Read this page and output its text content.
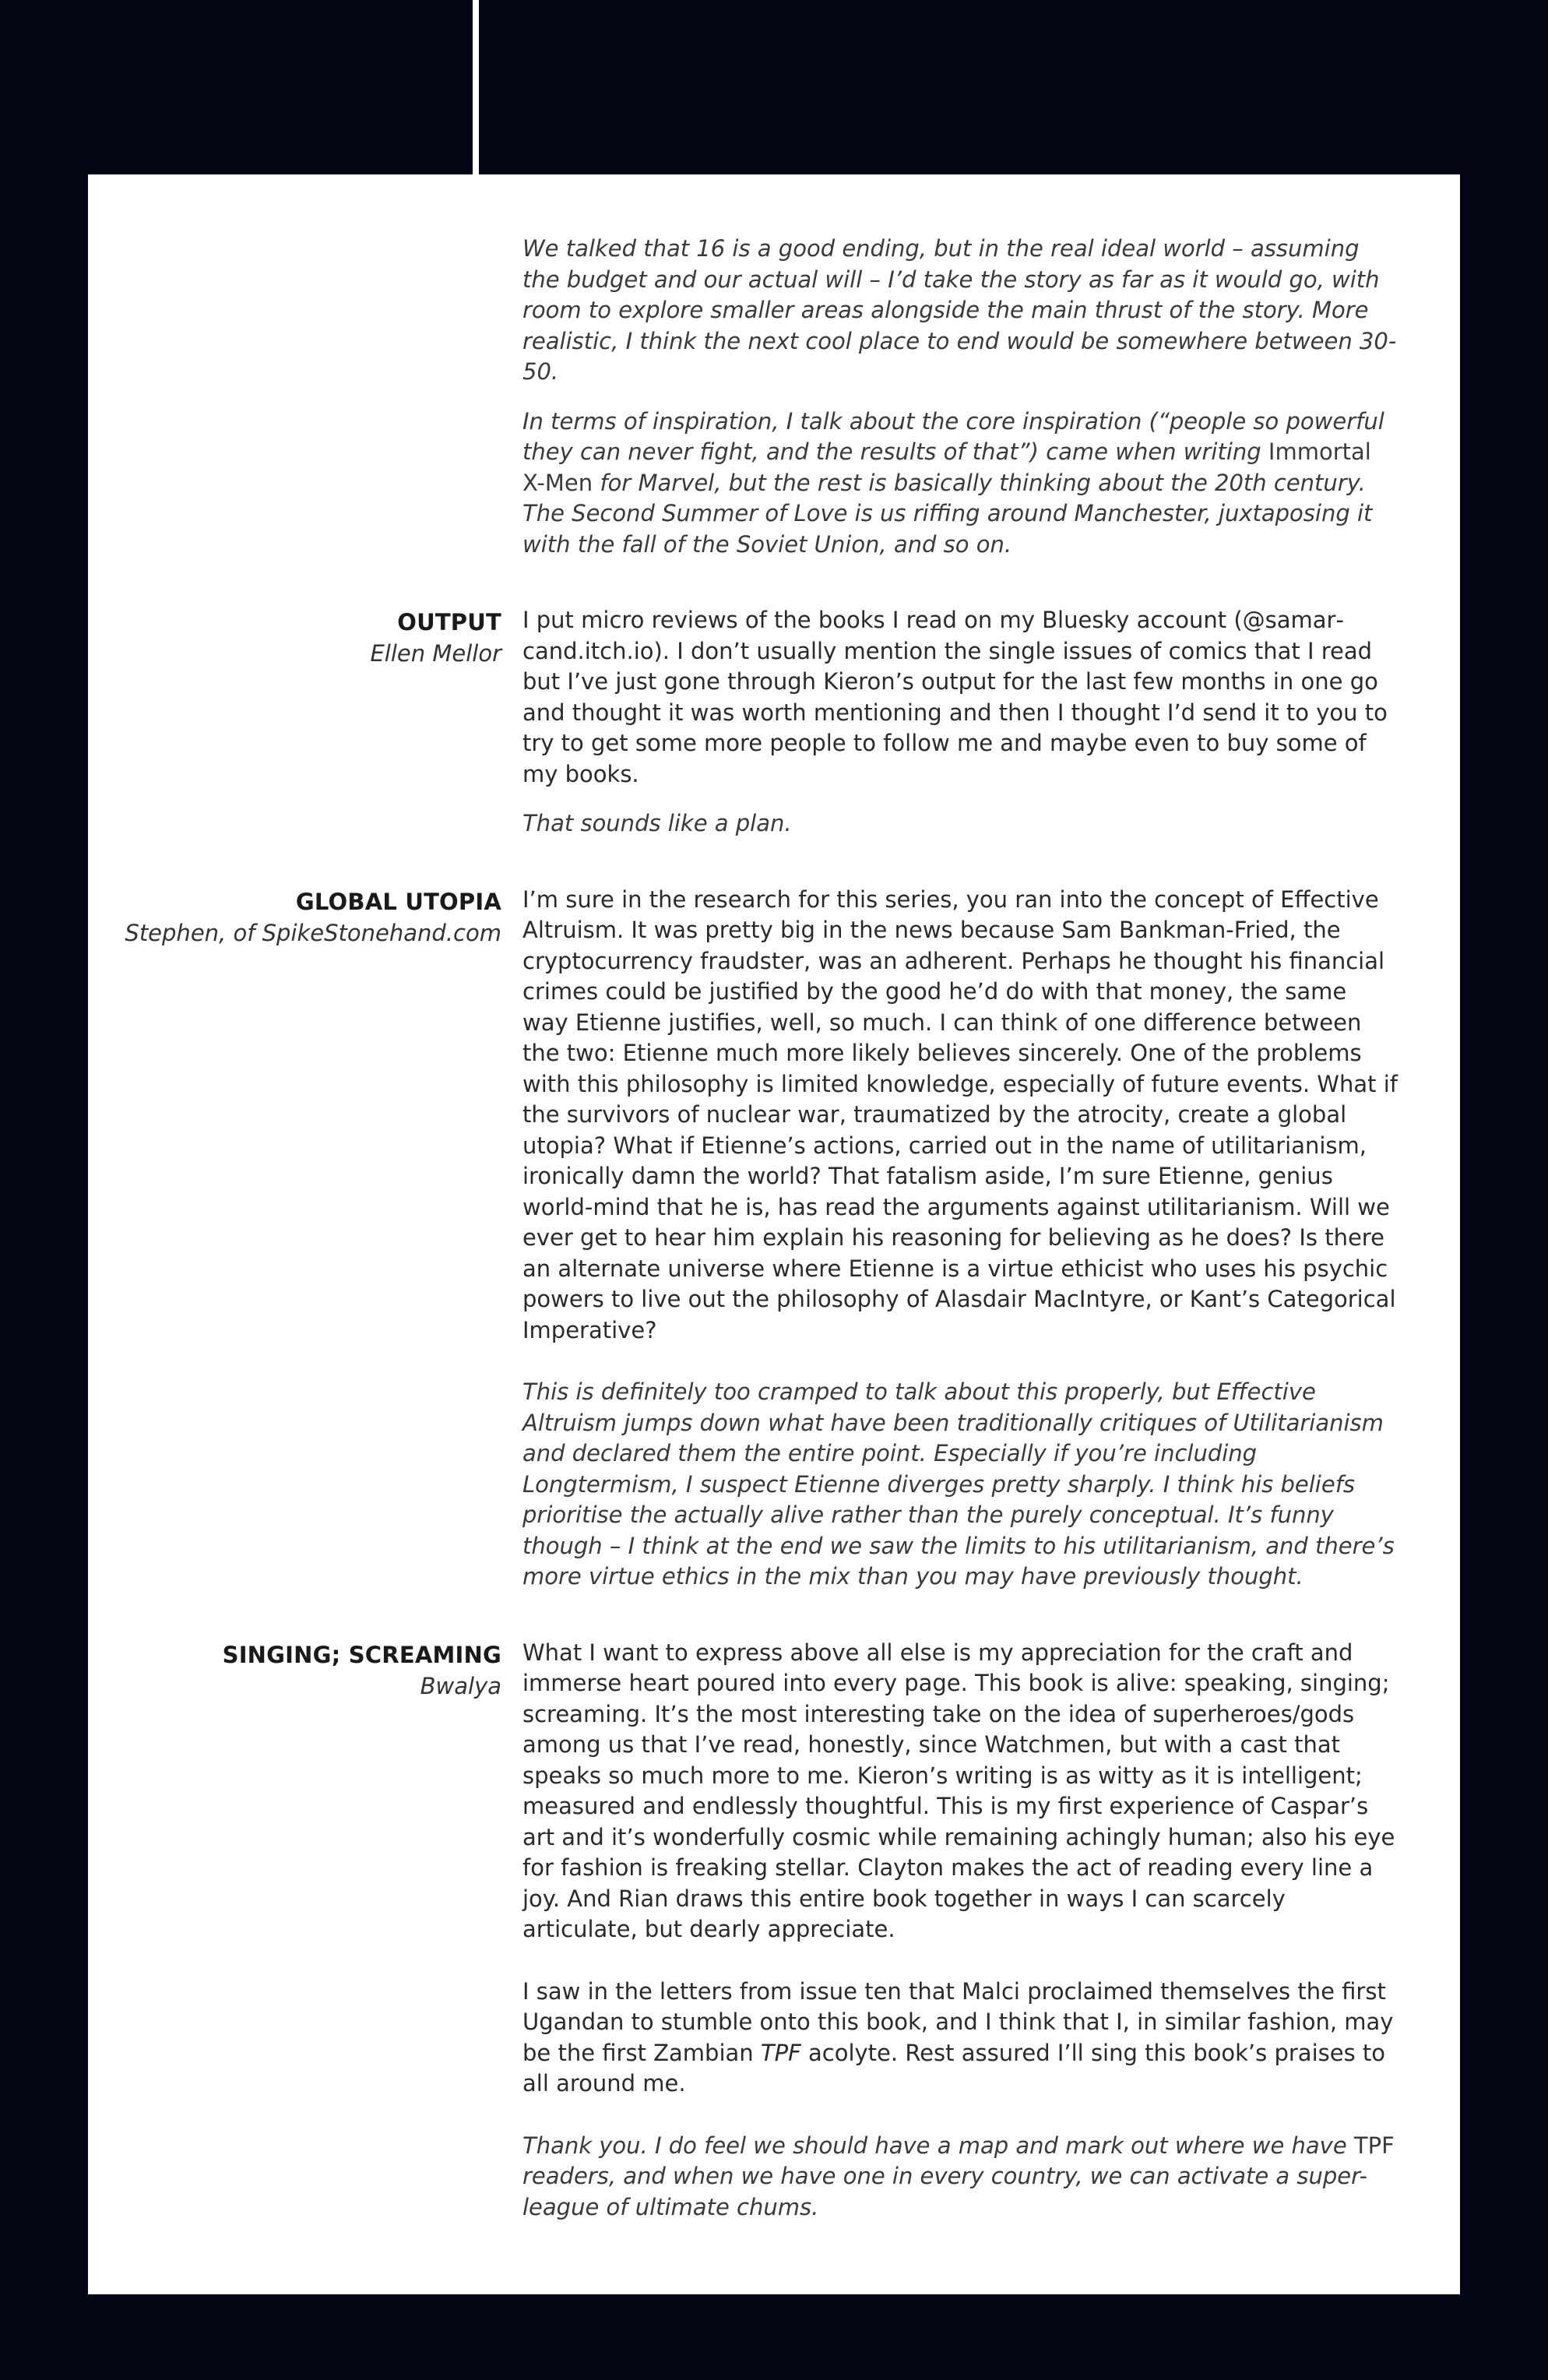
We talked that 16 is a good ending, but in the real ideal world – assuming the budget and our actual will – I’d take the story as far as it would go, with room to explore smaller areas alongside the main thrust of the story. More realistic, I think the next cool place to end would be somewhere between 30-50.

In terms of inspiration, I talk about the core inspiration (“people so powerful they can never fight, and the results of that”) came when writing Immortal X-Men for Marvel, but the rest is basically thinking about the 20th century. The Second Summer of Love is us riffing around Manchester, juxtaposing it with the fall of the Soviet Union, and so on.

OUTPUT
Ellen Mellor

I put micro reviews of the books I read on my Bluesky account (@samarcand.itch.io). I don’t usually mention the single issues of comics that I read but I’ve just gone through Kieron’s output for the last few months in one go and thought it was worth mentioning and then I thought I’d send it to you to try to get some more people to follow me and maybe even to buy some of my books.

That sounds like a plan.

GLOBAL UTOPIA
Stephen, of SpikeStonehand.com

I’m sure in the research for this series, you ran into the concept of Effective Altruism. It was pretty big in the news because Sam Bankman-Fried, the cryptocurrency fraudster, was an adherent. Perhaps he thought his financial crimes could be justified by the good he’d do with that money, the same way Etienne justifies, well, so much. I can think of one difference between the two: Etienne much more likely believes sincerely. One of the problems with this philosophy is limited knowledge, especially of future events. What if the survivors of nuclear war, traumatized by the atrocity, create a global utopia? What if Etienne’s actions, carried out in the name of utilitarianism, ironically damn the world? That fatalism aside, I’m sure Etienne, genius world-mind that he is, has read the arguments against utilitarianism. Will we ever get to hear him explain his reasoning for believing as he does? Is there an alternate universe where Etienne is a virtue ethicist who uses his psychic powers to live out the philosophy of Alasdair MacIntyre, or Kant’s Categorical Imperative?

This is definitely too cramped to talk about this properly, but Effective Altruism jumps down what have been traditionally critiques of Utilitarianism and declared them the entire point. Especially if you’re including Longtermism, I suspect Etienne diverges pretty sharply. I think his beliefs prioritise the actually alive rather than the purely conceptual. It’s funny though – I think at the end we saw the limits to his utilitarianism, and there’s more virtue ethics in the mix than you may have previously thought.

SINGING; SCREAMING
Bwalya

What I want to express above all else is my appreciation for the craft and immerse heart poured into every page. This book is alive: speaking, singing; screaming. It’s the most interesting take on the idea of superheroes/gods among us that I’ve read, honestly, since Watchmen, but with a cast that speaks so much more to me. Kieron’s writing is as witty as it is intelligent; measured and endlessly thoughtful. This is my first experience of Caspar’s art and it’s wonderfully cosmic while remaining achingly human; also his eye for fashion is freaking stellar. Clayton makes the act of reading every line a joy. And Rian draws this entire book together in ways I can scarcely articulate, but dearly appreciate.

I saw in the letters from issue ten that Malci proclaimed themselves the first Ugandan to stumble onto this book, and I think that I, in similar fashion, may be the first Zambian TPF acolyte. Rest assured I’ll sing this book’s praises to all around me.

Thank you. I do feel we should have a map and mark out where we have TPF readers, and when we have one in every country, we can activate a super-league of ultimate chums.
